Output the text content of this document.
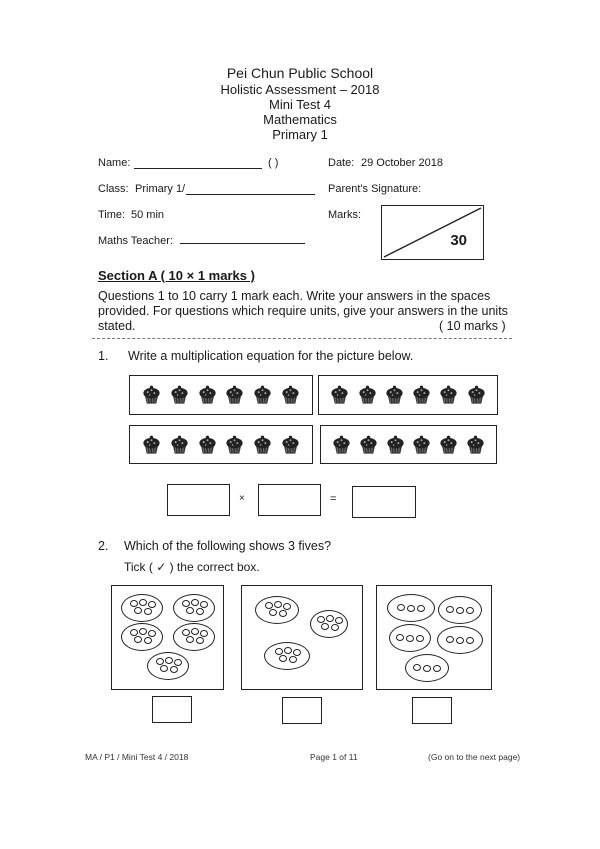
Pei Chun Public School
Holistic Assessment – 2018
Mini Test 4
Mathematics
Primary 1
Name:	( )	Date: 29 October 2018
Class: Primary 1/	Parent's Signature:
Time: 50 min	Marks:
30
Maths Teacher:
Section A ( 10 × 1 marks )
Questions 1 to 10 carry 1 mark each. Write your answers in the spaces
provided. For questions which require units, give your answers in the units
stated.	( 10 marks )
1. Write a multiplication equation for the picture below.
×	=
2. Which of the following shows 3 fives?
Tick ( ✓ ) the correct box.
MA / P1 / Mini Test 4 / 2018	Page 1 of 11	(Go on to the next page)
